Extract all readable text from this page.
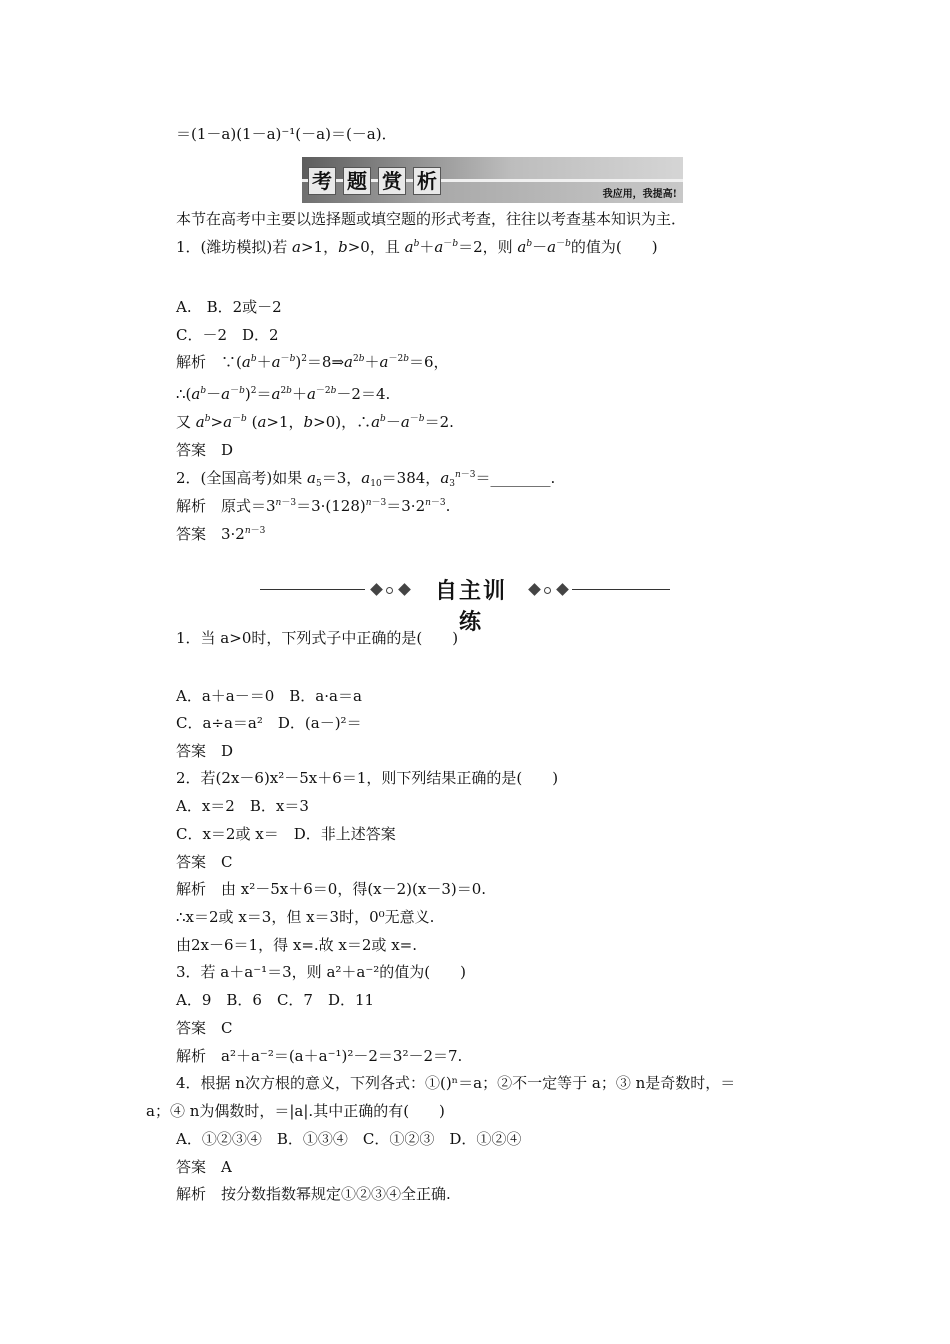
＝(1－a)(1－a)⁻¹(－a)＝(－a)．
考 题 赏 析
我应用，我提高!
本节在高考中主要以选择题或填空题的形式考查，往往以考查基本知识为主．
1．(潍坊模拟)若 a>1，b>0，且 $a^b+a^{-b}=2$，则 $a^b-a^{-b}$的值为(　　)
A.　B．2或－2
C．－2　D．2
解析　$\because(a^b+a^{-b})^2=8\Rightarrow a^{2b}+a^{-2b}=6$，
$\therefore(a^b-a^{-b})^2=a^{2b}+a^{-2b}-2=4$.
又 $a^b>a^{-b}$ (a>1，b>0)，$\therefore a^b-a^{-b}=2$.
答案　D
2．(全国高考)如果 $a_5=3$，$a_{10}=384$，$a_3^{n-3}=\_\_\_\_\_\_\_\_$.
解析　原式$=3^{n-3}=3\cdot(128)^{n-3}=3\cdot 2^{n-3}$.
答案　$3\cdot 2^{n-3}$
自主训练
1．当 a>0时，下列式子中正确的是(　　)
A．a＋a－＝0　B．a·a＝a
C．a÷a＝a²　D．(a－)²＝
答案　D
2．若(2x－6)x²－5x＋6＝1，则下列结果正确的是(　　)
A．x＝2　B．x＝3
C．x＝2或 x＝　D．非上述答案
答案　C
解析　由 x²－5x＋6＝0，得(x－2)(x－3)＝0.
∴x＝2或 x＝3，但 x＝3时，0⁰无意义.
由2x－6＝1，得 x=.故 x＝2或 x=.
3．若 a＋a⁻¹＝3，则 a²＋a⁻²的值为(　　)
A．9　B．6　C．7　D．11
答案　C
解析　a²＋a⁻²＝(a＋a⁻¹)²－2＝3²－2＝7.
4．根据 n次方根的意义，下列各式：①()ⁿ＝a；②不一定等于 a；③ n是奇数时，＝
a；④ n为偶数时，＝|a|.其中正确的有(　　)
A．①②③④　B．①③④　C．①②③　D．①②④
答案　A
解析　按分数指数幂规定①②③④全正确.
